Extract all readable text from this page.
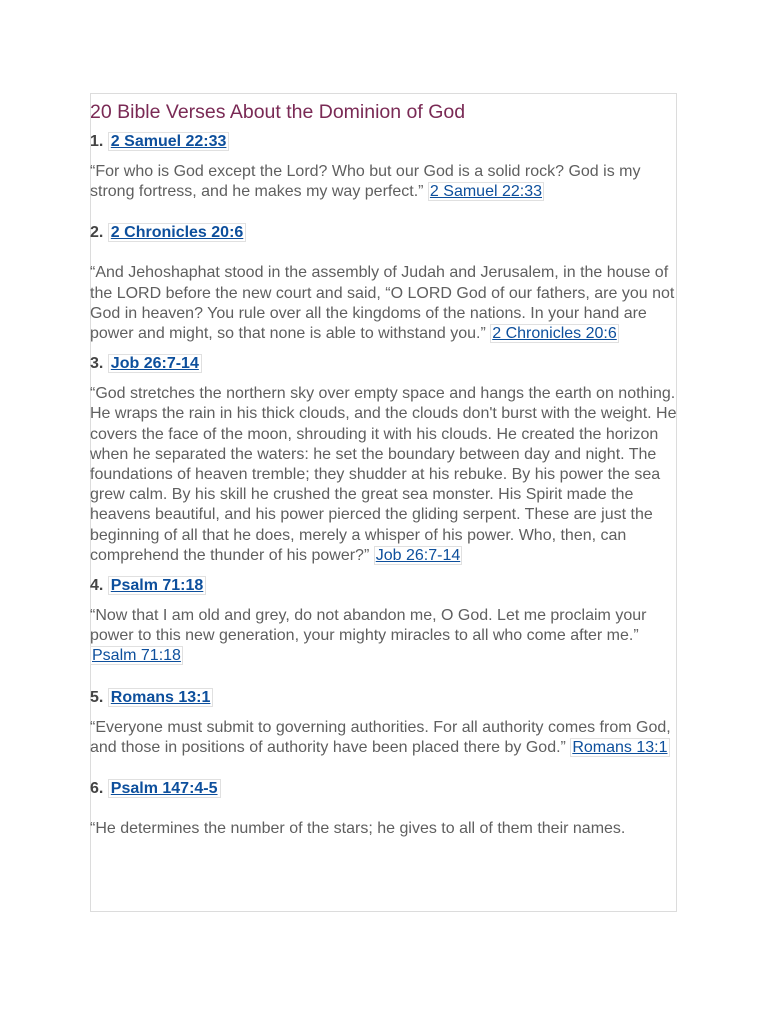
20 Bible Verses About the Dominion of God

1. 2 Samuel 22:33

“For who is God except the Lord? Who but our God is a solid rock? God is my strong fortress, and he makes my way perfect.” 2 Samuel 22:33

2. 2 Chronicles 20:6

“And Jehoshaphat stood in the assembly of Judah and Jerusalem, in the house of the LORD before the new court and said, “O LORD God of our fathers, are you not God in heaven? You rule over all the kingdoms of the nations. In your hand are power and might, so that none is able to withstand you.” 2 Chronicles 20:6

3. Job 26:7-14

“God stretches the northern sky over empty space and hangs the earth on nothing. He wraps the rain in his thick clouds, and the clouds don't burst with the weight. He covers the face of the moon, shrouding it with his clouds. He created the horizon when he separated the waters: he set the boundary between day and night. The foundations of heaven tremble; they shudder at his rebuke. By his power the sea grew calm. By his skill he crushed the great sea monster. His Spirit made the heavens beautiful, and his power pierced the gliding serpent. These are just the beginning of all that he does, merely a whisper of his power. Who, then, can comprehend the thunder of his power?” Job 26:7-14

4. Psalm 71:18

“Now that I am old and grey, do not abandon me, O God. Let me proclaim your power to this new generation, your mighty miracles to all who come after me.” Psalm 71:18

5. Romans 13:1

“Everyone must submit to governing authorities. For all authority comes from God, and those in positions of authority have been placed there by God.” Romans 13:1

6. Psalm 147:4-5

“He determines the number of the stars; he gives to all of them their names.
